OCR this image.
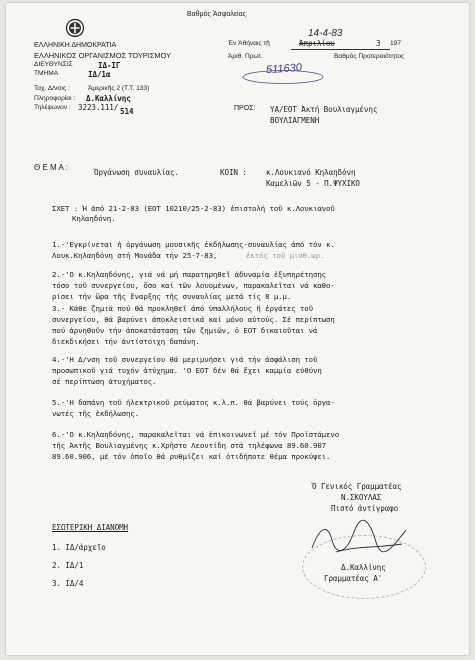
Βαθμός Ἀσφαλείας
ΕΛΛΗΝΙΚΗ ΔΗΜΟΚΡΑΤΙΑ
ΕΛΛΗΝΙΚΟΣ ΟΡΓΑΝΙΣΜΟΣ ΤΟΥΡΙΣΜΟΥ
ΔΙΕΥΘΥΝΣΙΣ	ΙΔ-ΙΓ
ΤΜΗΜΑ	ΙΔ/1α
Ταχ. Δ/νσις :	Ἀμερικῆς 2 (Τ.Τ. 133)
Πληροφορίαι : Δ.Καλλίνης
Τηλέφωνον : 3223.111/ 514
14-4-83
Ἐν Ἀθήναις τῇ	Ἀπριλίου	3 197
Ἀριθ. Πρωτ.	Βαθμὸς Προτεραιότητος
511630
ΠΡΟΣ: ΥΑ/ΕΟΤ Ἀκτή Βουλιαγμένης
ΒΟΥΛΙΑΓΜΕΝΗ
Θ Ε Μ Α :
Ὀργάνωση συναυλίας.	ΚΟΙΝ :	κ.Λουκιανό Κηλαηδόνη
Καμελιῶν 5 - Π.ΨΥΧΙΚΟ
ΣΧΕΤ : Ἡ ἀπό 21-2-83 (ΕΟΤ 10210/25-2-83) ἐπιστολή τοῦ κ.Λουκιανοῦ
Κηλαηδόνη.
1.-'Εγκρίνεται ἡ ὀργάνωση μουσικῆς ἐκδήλωσης-συναυλίας ἀπό τόν κ.
Λουκ.Κηλαηδόνη στή Μονάδα τήν 25-7-83,	ἐκτός τοῦ μισθ.ωρ.
2.-'Ο κ.Κηλαηδόνης, γιά νά μή παρατηρηθεῖ ἀδυναμία ἐξυπηρέτησης
τόσο τοῦ συνεργείου, ὅσο καί τῶν λουομένων, παρακαλεῖται νά καθο-
ρίσει τήν ὥρα τῆς ἔναρξης τῆς συναυλίας μετά τίς 8 μ.μ.
3.- Κάθε ζημιά πού θά προκληθεῖ ἀπό ὑπαλλήλους ἤ ἐργάτες τοῦ
συνεργείου, θά βαρύνει ἀποκλειστικά καί μόνο αὐτούς. Σέ περίπτωση
πού ἀρνηθοῦν τήν ἀποκατάσταση τῶν ζημιῶν, ὁ ΕΟΤ δικαιοῦται νά
διεκδικήσει τήν ἀντίστοιχη δαπάνη.
4.-'Η Δ/νση τοῦ συνεργείου θά μεριμνήσει γιά τήν ἀσφάλιση τοῦ
προσωπικοῦ γιά τυχόν ἀτύχημα. 'Ο ΕΟΤ δέν θά ἔχει καμμία εὐθύνη
σέ περίπτωση ἀτυχήματος.
5.-'Η δαπάνη τοῦ ἠλεκτρικοῦ ρεύματος κ.λ.π. θά βαρύνει τούς ὀργα-
νωτές τῆς ἐκδήλωσης.
6.-'Ο κ.Κηλαηδόνης, παρακαλεῖται νά ἐπικοινωνεῖ μέ τόν Προϊστάμενο
τῆς Ἀκτῆς Βουλιαγμένης κ.Χρῆστο Λεοντίδη στά τηλέφωνα 89.60.907
89.60.906, μέ τόν ὁποῖο θά ρυθμίζει καί ὁτιδήποτε θέμα προκύψει.
Ὁ Γενικός Γραμματέας
Ν.ΣΚΟΥΛΑΣ
Πιστό ἀντίγραφο
Δ.Καλλίνης
Γραμματέας Α'
ΕΣΩΤΕΡΙΚΗ ΔΙΑΝΟΜΗ
1. ΙΔ/ἀρχεῖο
2. ΙΔ/1
3. ΙΔ/4
